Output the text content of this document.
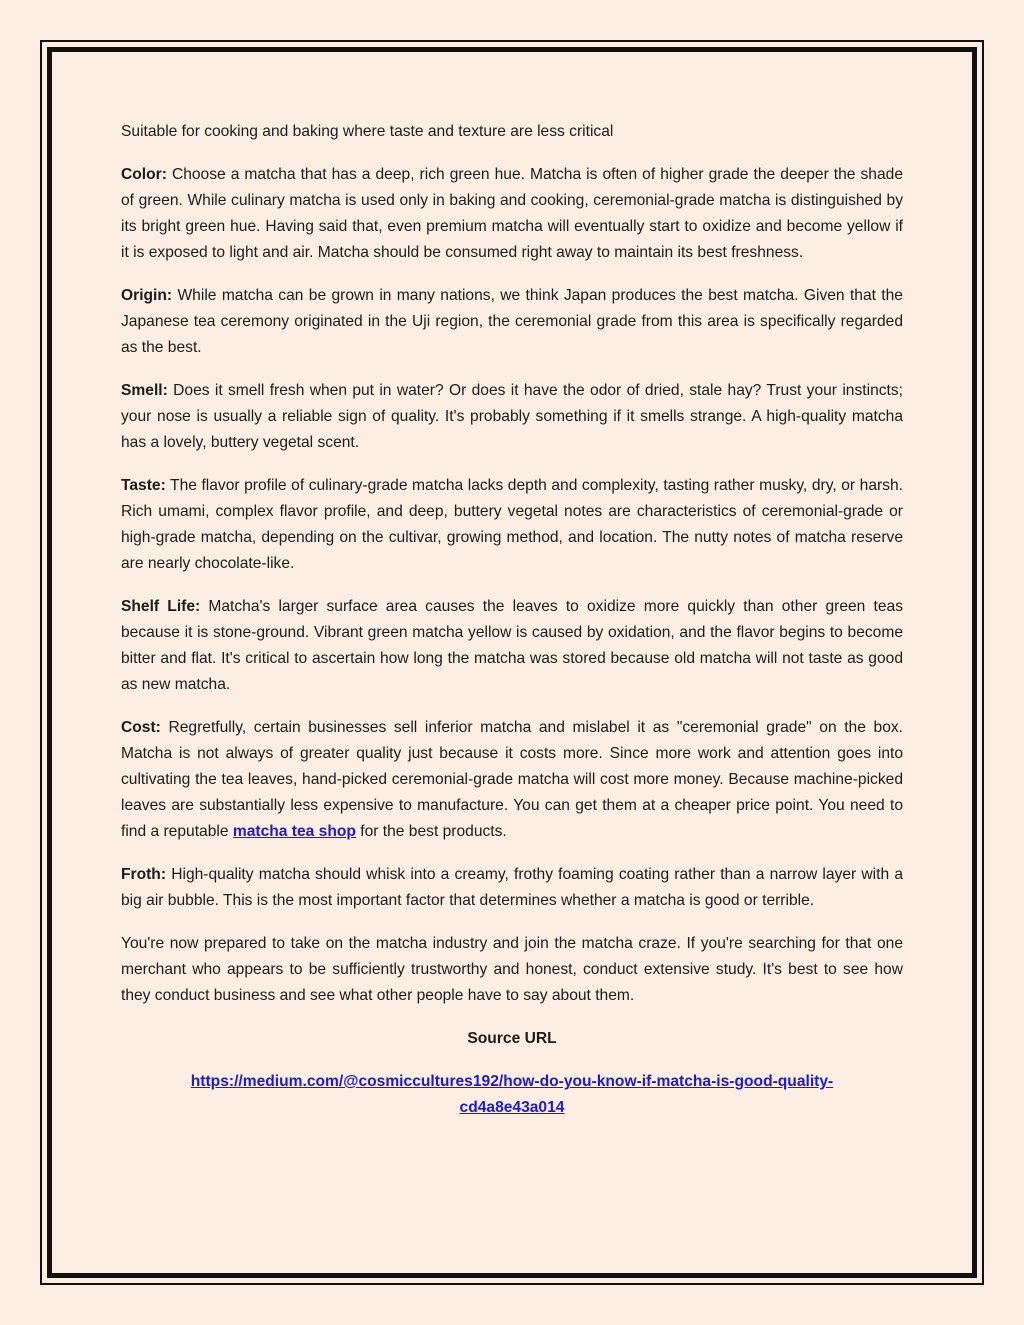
Suitable for cooking and baking where taste and texture are less critical

Color: Choose a matcha that has a deep, rich green hue. Matcha is often of higher grade the deeper the shade of green. While culinary matcha is used only in baking and cooking, ceremonial-grade matcha is distinguished by its bright green hue. Having said that, even premium matcha will eventually start to oxidize and become yellow if it is exposed to light and air. Matcha should be consumed right away to maintain its best freshness.

Origin: While matcha can be grown in many nations, we think Japan produces the best matcha. Given that the Japanese tea ceremony originated in the Uji region, the ceremonial grade from this area is specifically regarded as the best.

Smell: Does it smell fresh when put in water? Or does it have the odor of dried, stale hay? Trust your instincts; your nose is usually a reliable sign of quality. It's probably something if it smells strange. A high-quality matcha has a lovely, buttery vegetal scent.

Taste: The flavor profile of culinary-grade matcha lacks depth and complexity, tasting rather musky, dry, or harsh. Rich umami, complex flavor profile, and deep, buttery vegetal notes are characteristics of ceremonial-grade or high-grade matcha, depending on the cultivar, growing method, and location. The nutty notes of matcha reserve are nearly chocolate-like.

Shelf Life: Matcha's larger surface area causes the leaves to oxidize more quickly than other green teas because it is stone-ground. Vibrant green matcha yellow is caused by oxidation, and the flavor begins to become bitter and flat. It's critical to ascertain how long the matcha was stored because old matcha will not taste as good as new matcha.

Cost: Regretfully, certain businesses sell inferior matcha and mislabel it as "ceremonial grade" on the box. Matcha is not always of greater quality just because it costs more. Since more work and attention goes into cultivating the tea leaves, hand-picked ceremonial-grade matcha will cost more money. Because machine-picked leaves are substantially less expensive to manufacture. You can get them at a cheaper price point. You need to find a reputable matcha tea shop for the best products.

Froth: High-quality matcha should whisk into a creamy, frothy foaming coating rather than a narrow layer with a big air bubble. This is the most important factor that determines whether a matcha is good or terrible.

You're now prepared to take on the matcha industry and join the matcha craze. If you're searching for that one merchant who appears to be sufficiently trustworthy and honest, conduct extensive study. It's best to see how they conduct business and see what other people have to say about them.

Source URL

https://medium.com/@cosmiccultures192/how-do-you-know-if-matcha-is-good-quality-
cd4a8e43a014
